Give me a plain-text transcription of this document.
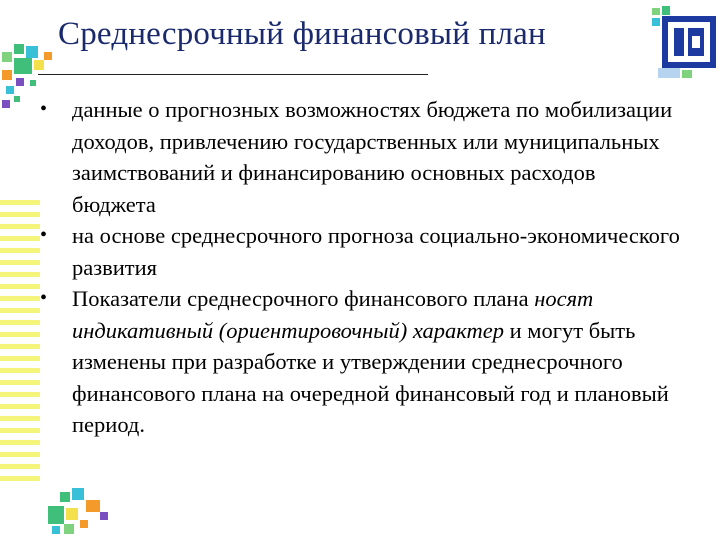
Среднесрочный финансовый план
•	данные о прогнозных возможностях бюджета по мобилизации доходов, привлечению государственных или муниципальных заимствований и финансированию основных расходов бюджета
•	на основе среднесрочного прогноза социально-экономического развития
•	Показатели среднесрочного финансового плана носят индикативный (ориентировочный) характер и могут быть изменены при разработке и утверждении среднесрочного финансового плана на очередной финансовый год и плановый период.
